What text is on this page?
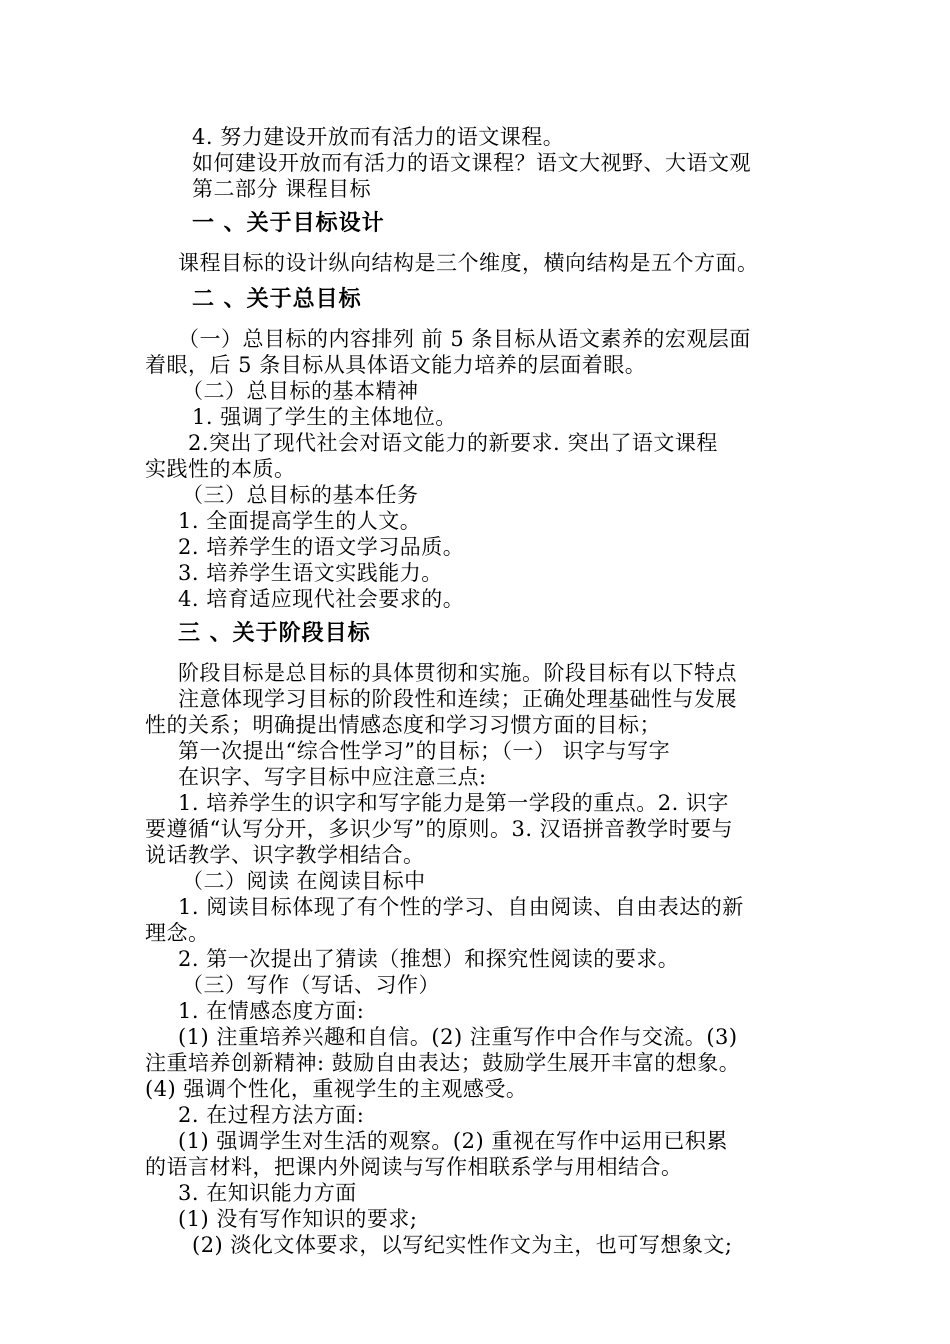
4. 努力建设开放而有活力的语文课程。
如何建设开放而有活力的语文课程？语文大视野、大语文观
第二部分 课程目标
一 、关于目标设计
课程目标的设计纵向结构是三个维度，横向结构是五个方面。
二 、关于总目标
（一）总目标的内容排列 前 5 条目标从语文素养的宏观层面
着眼，后 5 条目标从具体语文能力培养的层面着眼。
（二）总目标的基本精神
1. 强调了学生的主体地位。
2.突出了现代社会对语文能力的新要求. 突出了语文课程
实践性的本质。
（三）总目标的基本任务
1. 全面提高学生的人文。
2. 培养学生的语文学习品质。
3. 培养学生语文实践能力。
4. 培育适应现代社会要求的。
三 、关于阶段目标
阶段目标是总目标的具体贯彻和实施。阶段目标有以下特点
注意体现学习目标的阶段性和连续；正确处理基础性与发展
性的关系；明确提出情感态度和学习习惯方面的目标；
第一次提出“综合性学习”的目标；（一） 识字与写字
在识字、写字目标中应注意三点:
1. 培养学生的识字和写字能力是第一学段的重点。2. 识字
要遵循“认写分开，多识少写”的原则。3. 汉语拼音教学时要与
说话教学、识字教学相结合。
（二）阅读 在阅读目标中
1. 阅读目标体现了有个性的学习、自由阅读、自由表达的新
理念。
2. 第一次提出了猜读（推想）和探究性阅读的要求。
（三）写作（写话、习作）
1. 在情感态度方面:
(1) 注重培养兴趣和自信。(2) 注重写作中合作与交流。(3)
注重培养创新精神: 鼓励自由表达；鼓励学生展开丰富的想象。
(4) 强调个性化，重视学生的主观感受。
2. 在过程方法方面:
(1) 强调学生对生活的观察。(2) 重视在写作中运用已积累
的语言材料，把课内外阅读与写作相联系学与用相结合。
3. 在知识能力方面
(1) 没有写作知识的要求;
(2) 淡化文体要求，以写纪实性作文为主，也可写想象文;
